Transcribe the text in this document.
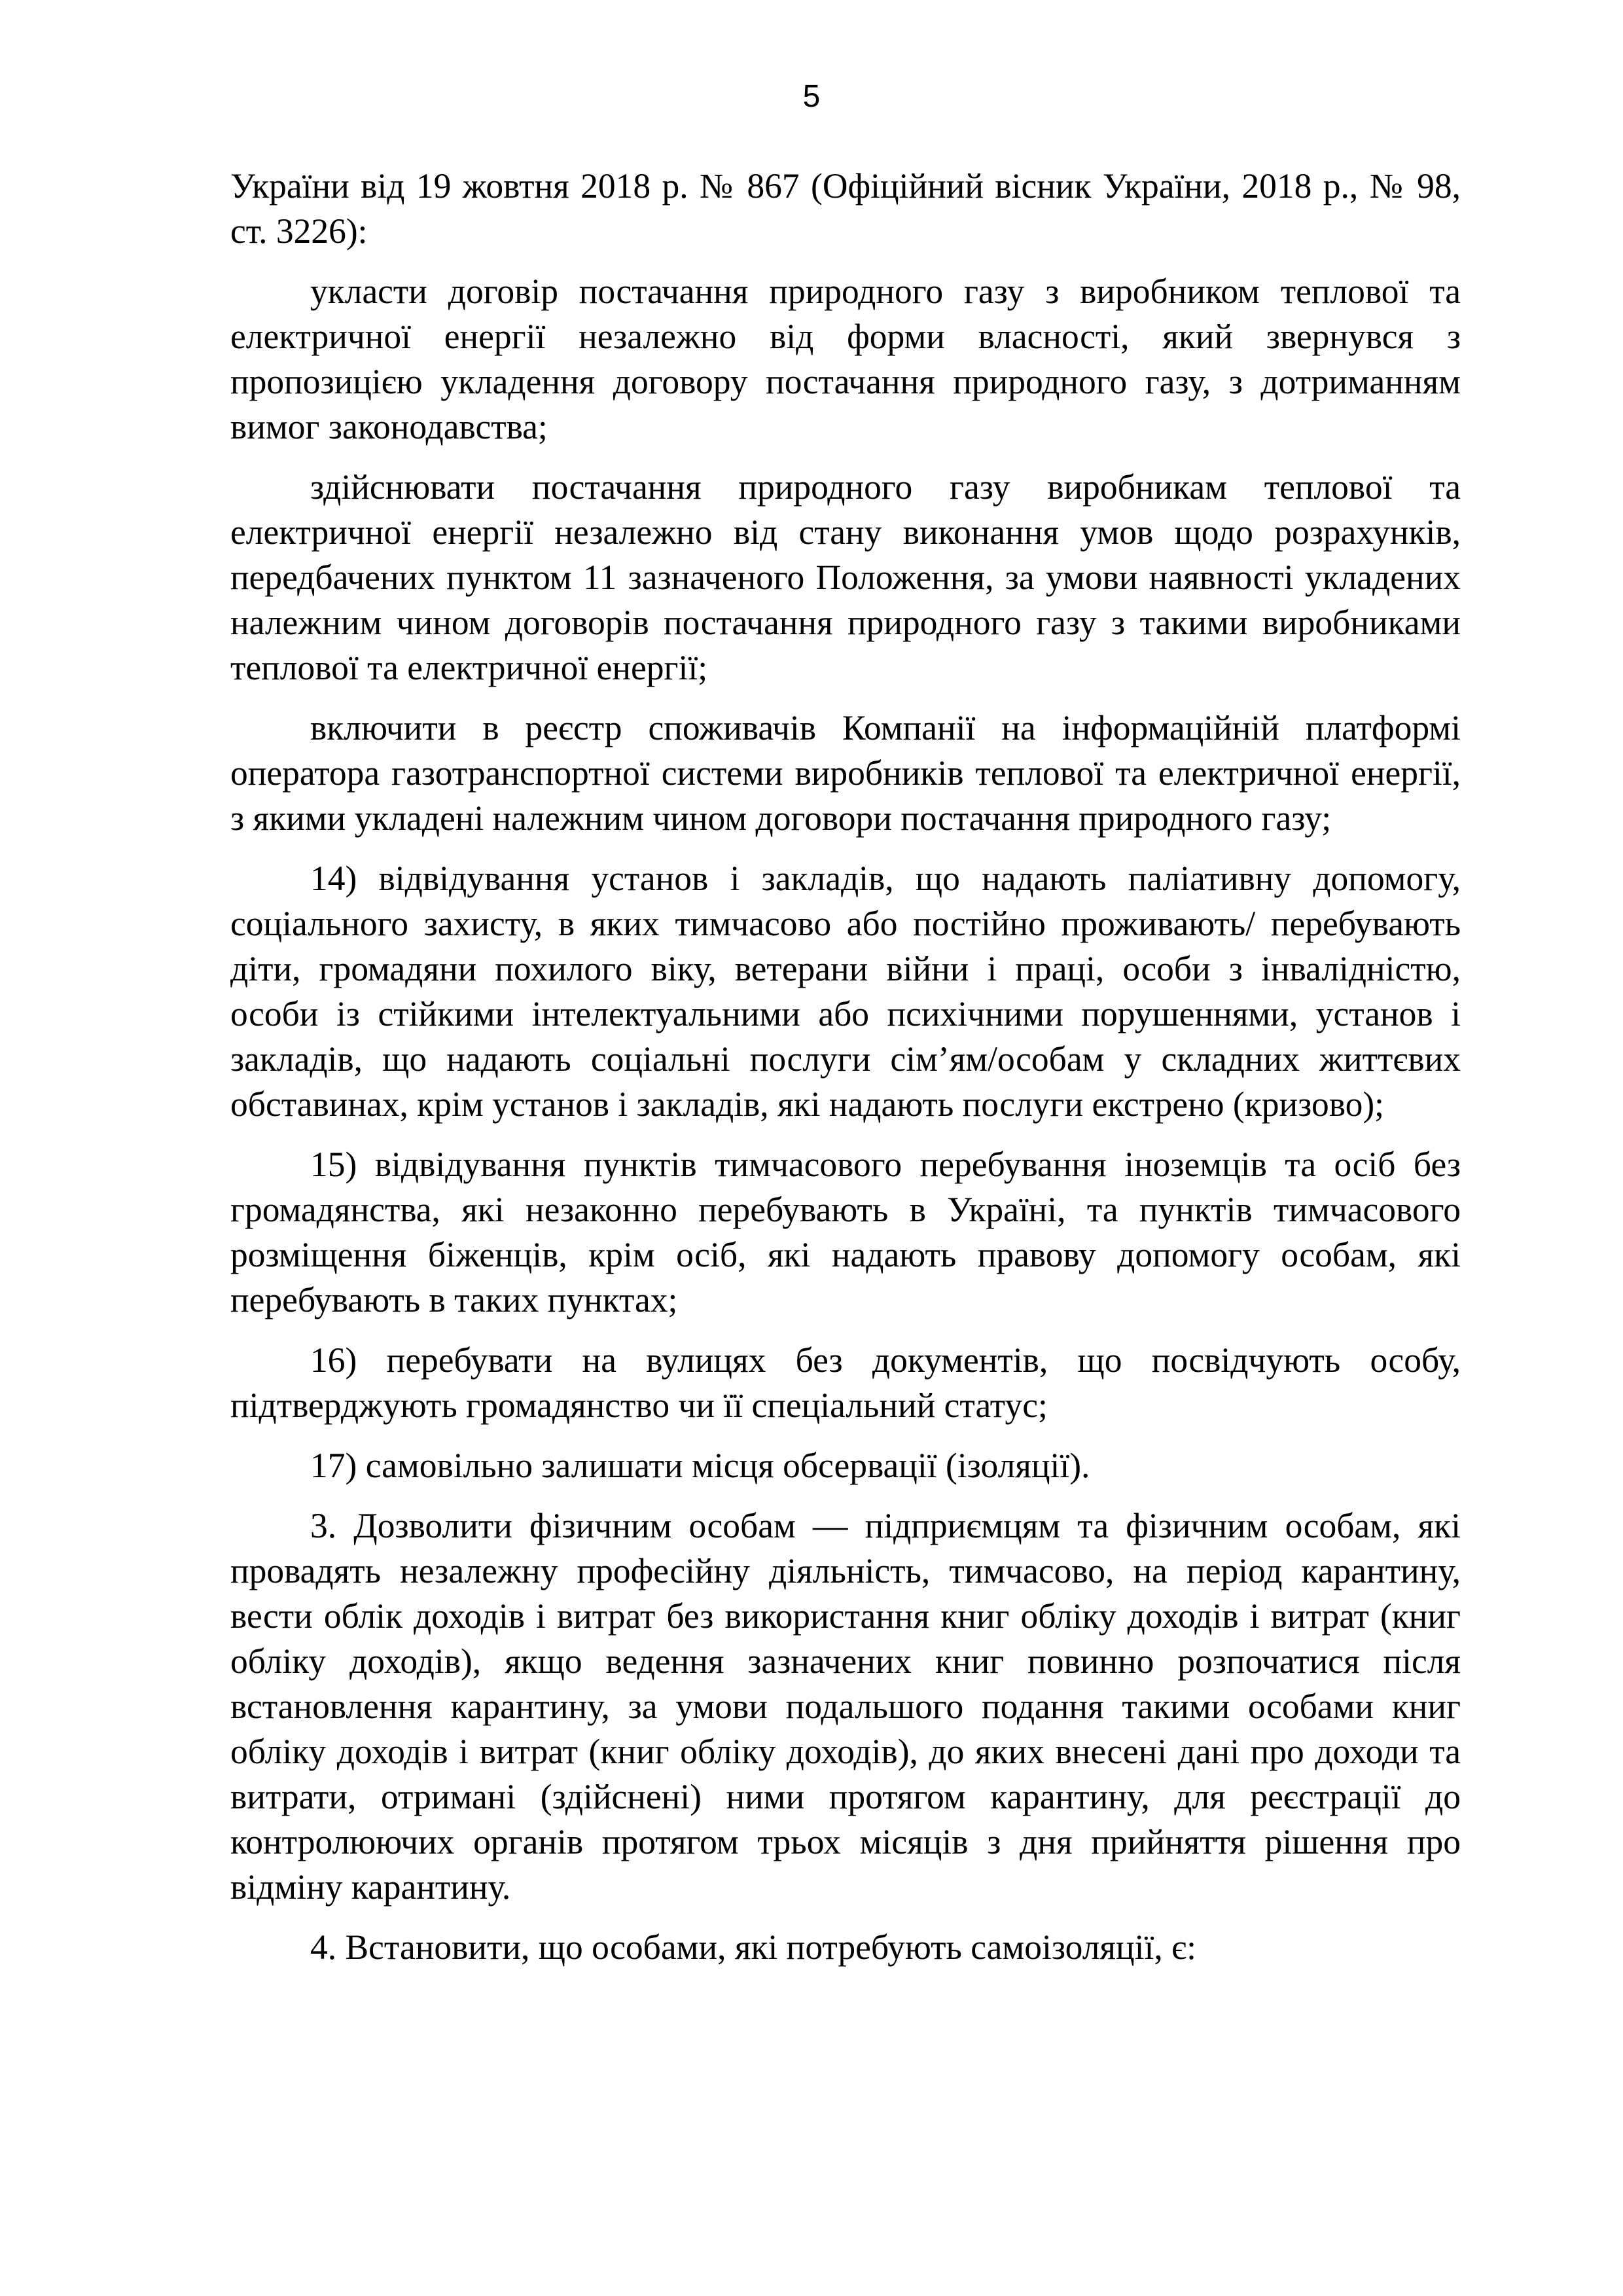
5

України від 19 жовтня 2018 р. № 867 (Офіційний вісник України, 2018 р., № 98, ст. 3226):

укласти договір постачання природного газу з виробником теплової та електричної енергії незалежно від форми власності, який звернувся з пропозицією укладення договору постачання природного газу, з дотриманням вимог законодавства;

здійснювати постачання природного газу виробникам теплової та електричної енергії незалежно від стану виконання умов щодо розрахунків, передбачених пунктом 11 зазначеного Положення, за умови наявності укладених належним чином договорів постачання природного газу з такими виробниками теплової та електричної енергії;

включити в реєстр споживачів Компанії на інформаційній платформі оператора газотранспортної системи виробників теплової та електричної енергії, з якими укладені належним чином договори постачання природного газу;

14) відвідування установ і закладів, що надають паліативну допомогу, соціального захисту, в яких тимчасово або постійно проживають/ перебувають діти, громадяни похилого віку, ветерани війни і праці, особи з інвалідністю, особи із стійкими інтелектуальними або психічними порушеннями, установ і закладів, що надають соціальні послуги сім’ям/особам у складних життєвих обставинах, крім установ і закладів, які надають послуги екстрено (кризово);

15) відвідування пунктів тимчасового перебування іноземців та осіб без громадянства, які незаконно перебувають в Україні, та пунктів тимчасового розміщення біженців, крім осіб, які надають правову допомогу особам, які перебувають в таких пунктах;

16) перебувати на вулицях без документів, що посвідчують особу, підтверджують громадянство чи її спеціальний статус;

17) самовільно залишати місця обсервації (ізоляції).

3. Дозволити фізичним особам — підприємцям та фізичним особам, які провадять незалежну професійну діяльність, тимчасово, на період карантину, вести облік доходів і витрат без використання книг обліку доходів і витрат (книг обліку доходів), якщо ведення зазначених книг повинно розпочатися після встановлення карантину, за умови подальшого подання такими особами книг обліку доходів і витрат (книг обліку доходів), до яких внесені дані про доходи та витрати, отримані (здійснені) ними протягом карантину, для реєстрації до контролюючих органів протягом трьох місяців з дня прийняття рішення про відміну карантину.

4. Встановити, що особами, які потребують самоізоляції, є:
